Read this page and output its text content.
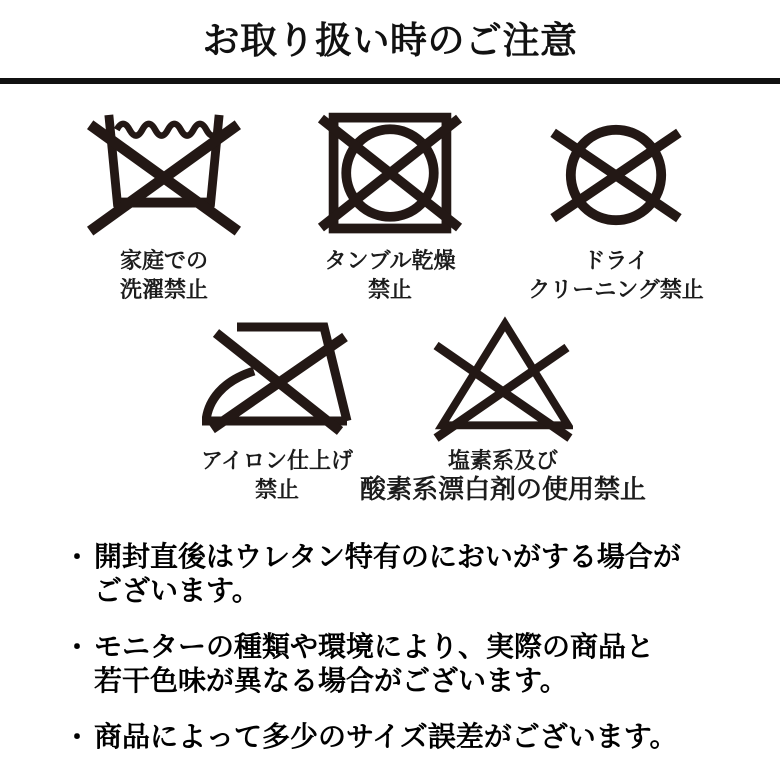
お取り扱い時のご注意
家庭での
洗濯禁止
タンブル乾燥
禁止
ドライ
クリーニング禁止
アイロン仕上げ
禁止
塩素系及び
酸素系漂白剤の使用禁止
・ 開封直後はウレタン特有のにおいがする場合が
ございます。
・ モニターの種類や環境により、実際の商品と
若干色味が異なる場合がございます。
・ 商品によって多少のサイズ誤差がございます。
